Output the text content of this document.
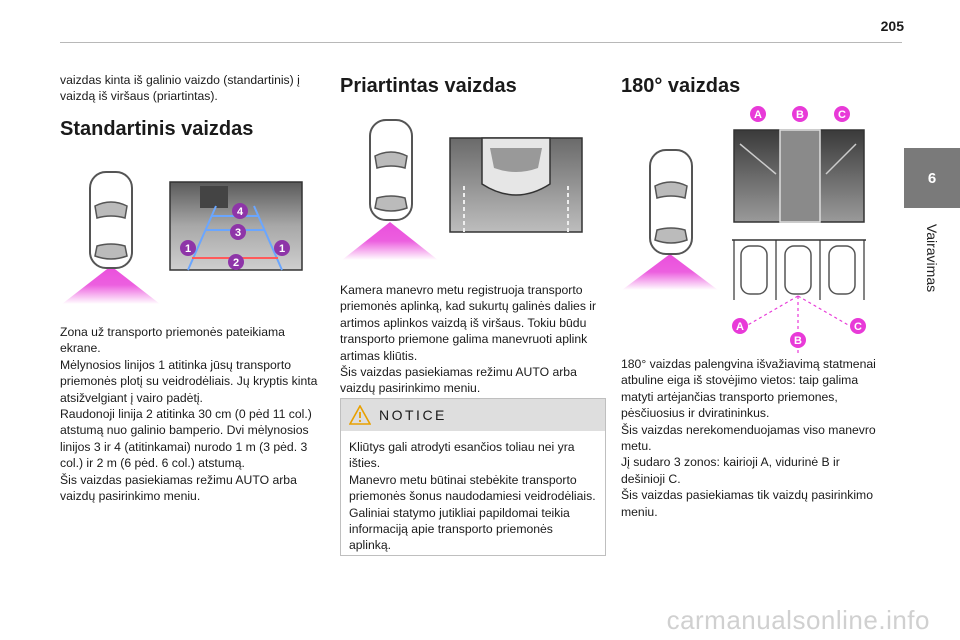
205
6
Vairavimas

vaizdas kinta iš galinio vaizdo (standartinis) į vaizdą iš viršaus (priartintas).

Standartinis vaizdas
1
2
3
4
1

Zona už transporto priemonės pateikiama ekrane.
Mėlynosios linijos 1 atitinka jūsų transporto priemonės plotį su veidrodėliais. Jų kryptis kinta atsižvelgiant į vairo padėtį.
Raudonoji linija 2 atitinka 30 cm (0 pėd 11 col.) atstumą nuo galinio bamperio. Dvi mėlynosios linijos 3 ir 4 (atitinkamai) nurodo 1 m (3 pėd. 3 col.) ir 2 m (6 pėd. 6 col.) atstumą.
Šis vaizdas pasiekiamas režimu AUTO arba vaizdų pasirinkimo meniu.

Priartintas vaizdas

Kamera manevro metu registruoja transporto priemonės aplinką, kad sukurtų galinės dalies ir artimos aplinkos vaizdą iš viršaus. Tokiu būdu transporto priemone galima manevruoti aplink artimas kliūtis.
Šis vaizdas pasiekiamas režimu AUTO arba vaizdų pasirinkimo meniu.

NOTICE
Kliūtys gali atrodyti esančios toliau nei yra išties.
Manevro metu būtinai stebėkite transporto priemonės šonus naudodamiesi veidrodėliais.
Galiniai statymo jutikliai papildomai teikia informaciją apie transporto priemonės aplinką.
180° vaizdas
A	B	C
A
B
C

180° vaizdas palengvina išvažiavimą statmenai atbuline eiga iš stovėjimo vietos: taip galima matyti artėjančias transporto priemones, pėsčiuosius ir dviratininkus.
Šis vaizdas nerekomenduojamas viso manevro metu.
Jį sudaro 3 zonos: kairioji A, vidurinė B ir dešinioji C.
Šis vaizdas pasiekiamas tik vaizdų pasirinkimo meniu.

carmanualsonline.info
